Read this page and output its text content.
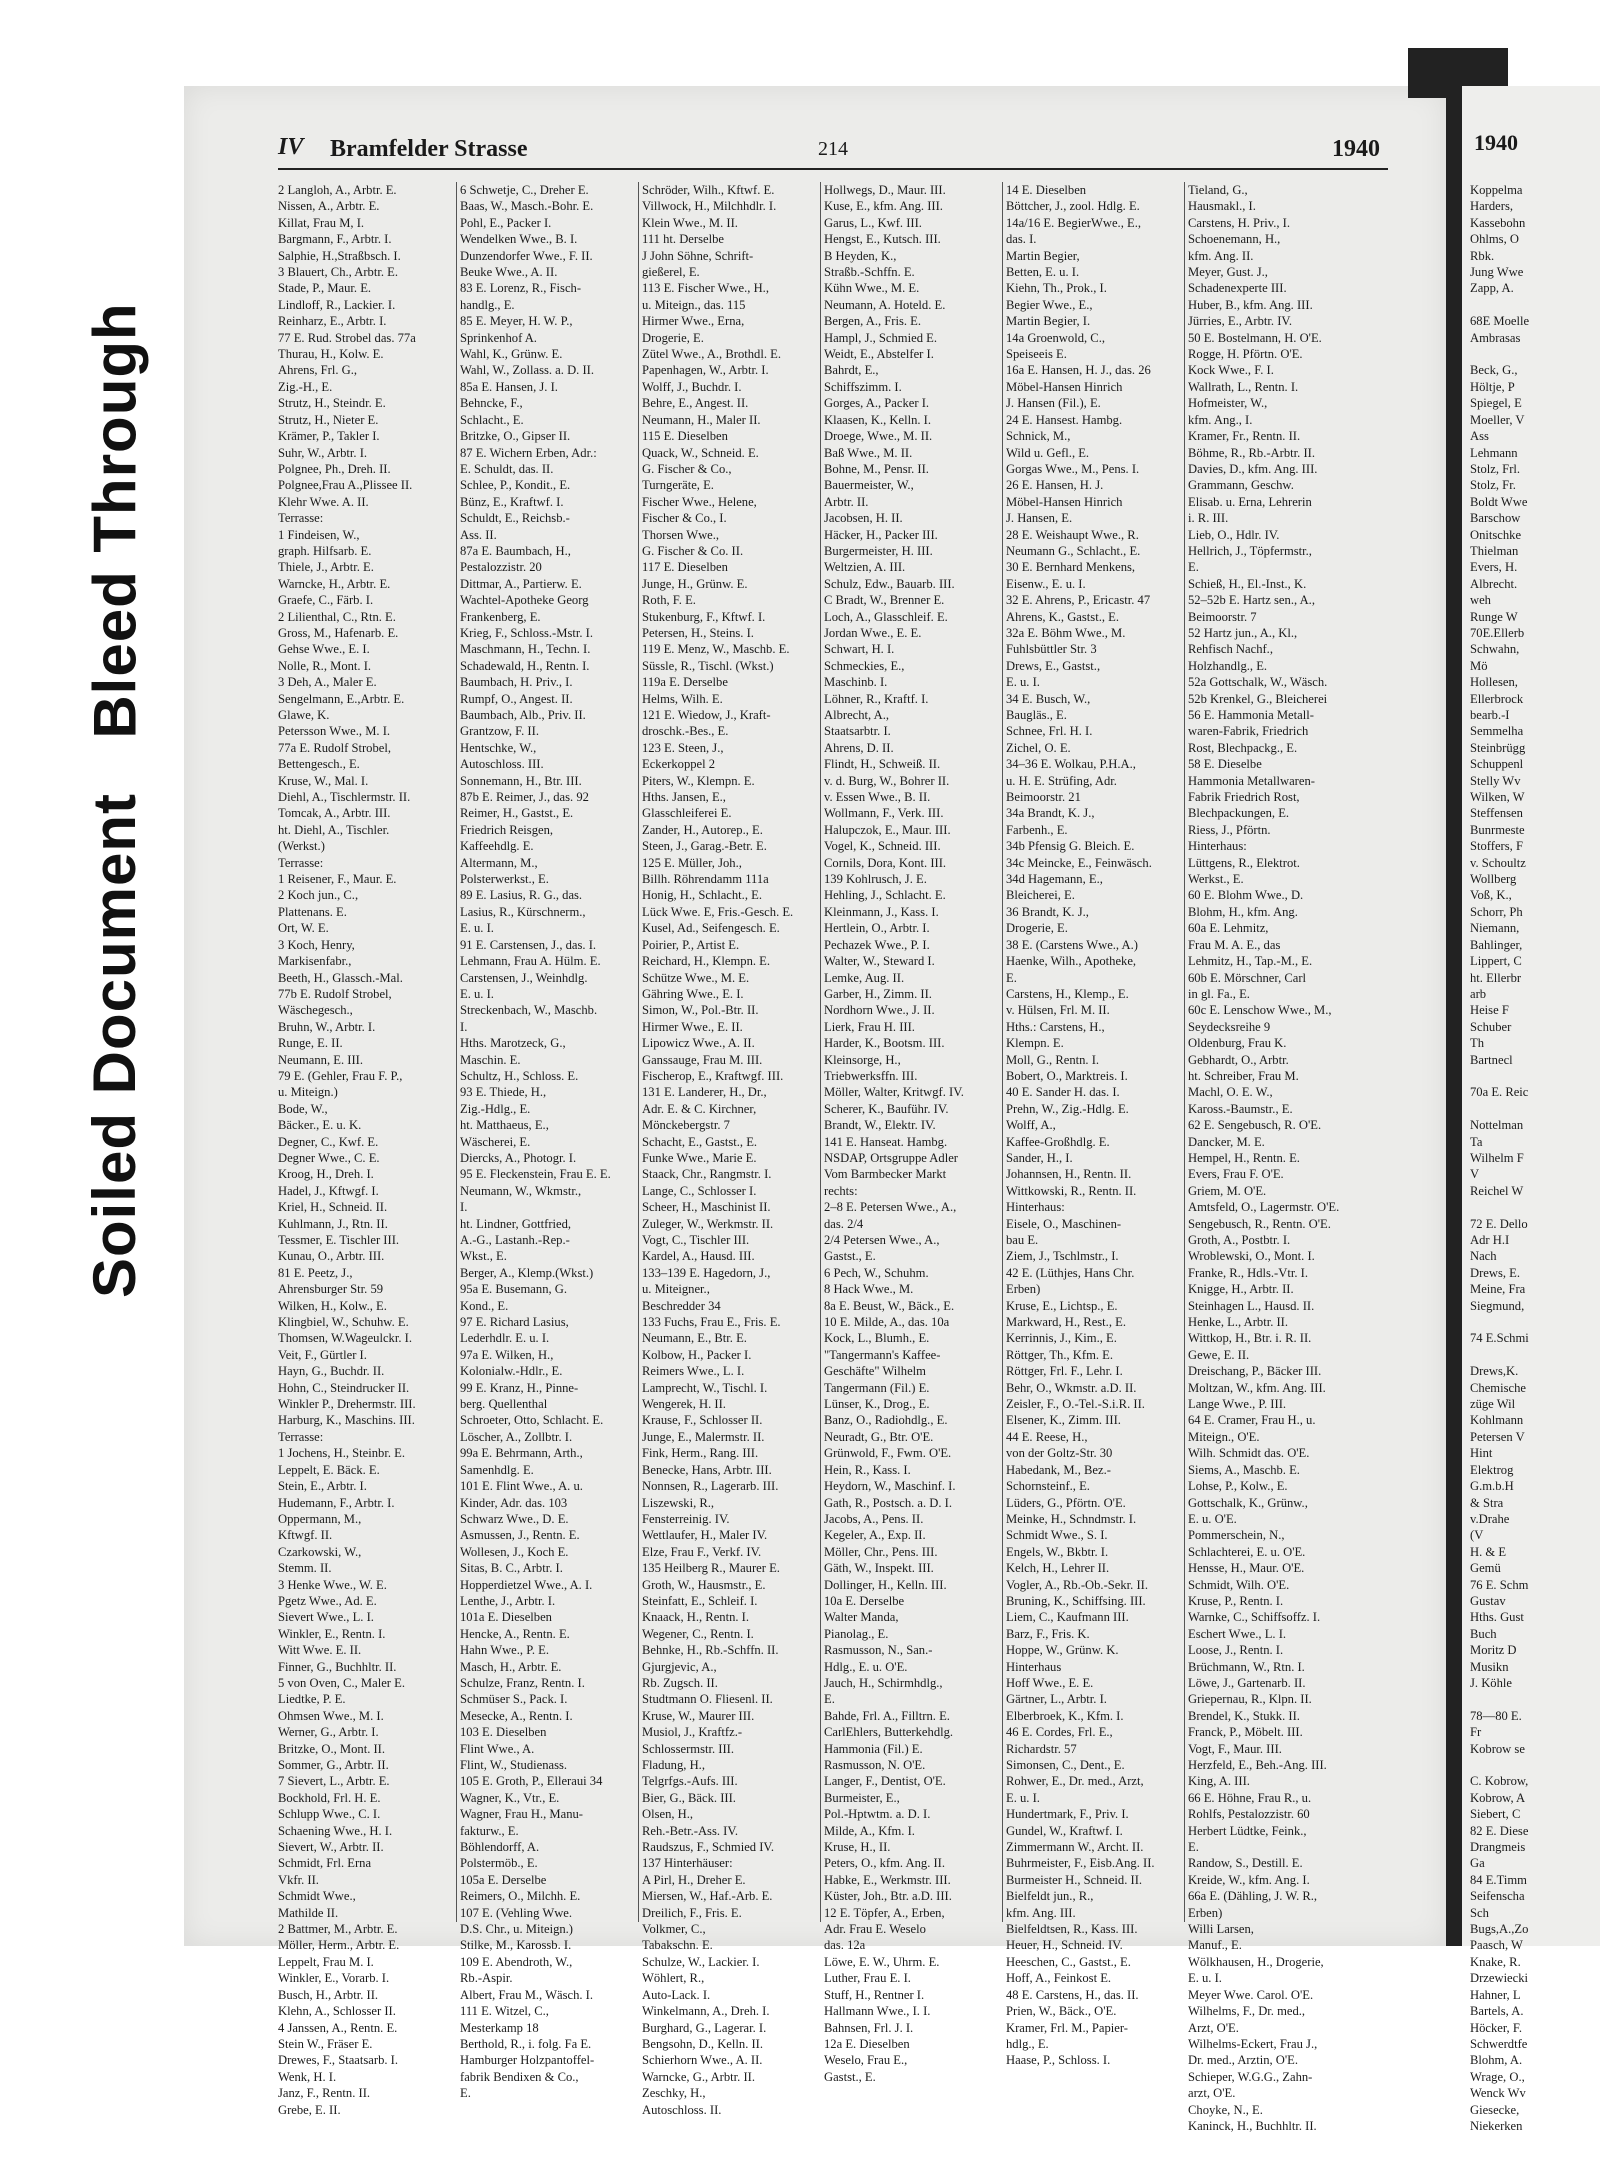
Bleed Through
Soiled Document
1940
Koppelma
Harders,
Kassebohn
Ohlms, O
Rbk.
Jung Wwe
Zapp, A.

68E Moelle
Ambrasas

Beck, G.,
Höltje, P
Spiegel, E
Moeller, V
Ass
Lehmann
Stolz, Frl.
Stolz, Fr.
Boldt Wwe
Barschow
Onitschke
Thielman
Evers, H.
Albrecht.
weh
Runge W
70E.Ellerb
Schwahn,
Mö
Hollesen,
Ellerbrock
bearb.-I
Semmelha
Steinbrügg
Schuppenl
Stelly Wv
Wilken, W
Steffensen
Bunrmeste
Stoffers, F
v. Schoultz
Wollberg
Voß, K.,
Schorr, Ph
Niemann,
Bahlinger,
Lippert, C
ht. Ellerbr
arb
Heise F
Schuber
Th
Bartnecl

70a E. Reic

Nottelman
Ta
Wilhelm F
V
Reichel W

72 E. Dello
Adr H.I
Nach
Drews, E.
Meine, Fra
Siegmund,

74 E.Schmi

Drews,K.
Chemische
züge Wil
Kohlmann
Petersen V
Hint
Elektrog
G.m.b.H
& Stra
v.Drahe
(V
H. & E
Gemü
76 E. Schm
Gustav
Hths. Gust
Buch
Moritz D
Musikn
J. Köhle

78—80 E.
Fr
Kobrow se

C. Kobrow,
Kobrow, A
Siebert, C
82 E. Diese
Drangmeis
Ga
84 E.Timm
Seifenscha
Sch
Bugs,A.,Zo
Paasch, W
Knake, R.
Drzewiecki
Hahner, L
Bartels, A.
Höcker, F.
Schwerdtfe
Blohm, A.
Wrage, O.,
Wenck Wv
Giesecke,
Niekerken
IV Bramfelder Strasse	214	1940
2 Langloh, A., Arbtr. E.
Nissen, A., Arbtr. E.
Killat, Frau M, I.
Bargmann, F., Arbtr. I.
Salphie, H.,Straßbsch. I.
3 Blauert, Ch., Arbtr. E.
Stade, P., Maur. E.
Lindloff, R., Lackier. I.
Reinharz, E., Arbtr. I.
77 E. Rud. Strobel das. 77a
Thurau, H., Kolw. E.
Ahrens, Frl. G.,
Zig.-H., E.
Strutz, H., Steindr. E.
Strutz, H., Nieter E.
Krämer, P., Takler I.
Suhr, W., Arbtr. I.
Polgnee, Ph., Dreh. II.
Polgnee,Frau A.,Plissee II.
Klehr Wwe. A. II.
Terrasse:
1 Findeisen, W.,
graph. Hilfsarb. E.
Thiele, J., Arbtr. E.
Warncke, H., Arbtr. E.
Graefe, C., Färb. I.
2 Lilienthal, C., Rtn. E.
Gross, M., Hafenarb. E.
Gehse Wwe., E. I.
Nolle, R., Mont. I.
3 Deh, A., Maler E.
Sengelmann, E.,Arbtr. E.
Glawe, K.
Petersson Wwe., M. I.
77a E. Rudolf Strobel,
Bettengesch., E.
Kruse, W., Mal. I.
Diehl, A., Tischlermstr. II.
Tomcak, A., Arbtr. III.
ht. Diehl, A., Tischler.
(Werkst.)
Terrasse:
1 Reisener, F., Maur. E.
2 Koch jun., C.,
Plattenans. E.
Ort, W. E.
3 Koch, Henry,
Markisenfabr.,
Beeth, H., Glassch.-Mal.
77b E. Rudolf Strobel,
Wäschegesch.,
Bruhn, W., Arbtr. I.
Runge, E. II.
Neumann, E. III.
79 E. (Gehler, Frau F. P.,
u. Miteign.)
Bode, W.,
Bäcker., E. u. K.
Degner, C., Kwf. E.
Degner Wwe., C. E.
Kroog, H., Dreh. I.
Hadel, J., Kftwgf. I.
Kriel, H., Schneid. II.
Kuhlmann, J., Rtn. II.
Tessmer, E. Tischler III.
Kunau, O., Arbtr. III.
81 E. Peetz, J.,
Ahrensburger Str. 59
Wilken, H., Kolw., E.
Klingbiel, W., Schuhw. E.
Thomsen, W.Wageulckr. I.
Veit, F., Gürtler I.
Hayn, G., Buchdr. II.
Hohn, C., Steindrucker II.
Winkler P., Drehermstr. III.
Harburg, K., Maschins. III.
Terrasse:
1 Jochens, H., Steinbr. E.
Leppelt, E. Bäck. E.
Stein, E., Arbtr. I.
Hudemann, F., Arbtr. I.
Oppermann, M.,
Kftwgf. II.
Czarkowski, W.,
Stemm. II.
3 Henke Wwe., W. E.
Pgetz Wwe., Ad. E.
Sievert Wwe., L. I.
Winkler, E., Rentn. I.
Witt Wwe. E. II.
Finner, G., Buchhltr. II.
5 von Oven, C., Maler E.
Liedtke, P. E.
Ohmsen Wwe., M. I.
Werner, G., Arbtr. I.
Britzke, O., Mont. II.
Sommer, G., Arbtr. II.
7 Sievert, L., Arbtr. E.
Bockhold, Frl. H. E.
Schlupp Wwe., C. I.
Schaening Wwe., H. I.
Sievert, W., Arbtr. II.
Schmidt, Frl. Erna
Vkfr. II.
Schmidt Wwe.,
Mathilde II.
2 Battmer, M., Arbtr. E.
Möller, Herm., Arbtr. E.
Leppelt, Frau M. I.
Winkler, E., Vorarb. I.
Busch, H., Arbtr. II.
Klehn, A., Schlosser II.
4 Janssen, A., Rentn. E.
Stein W., Fräser E.
Drewes, F., Staatsarb. I.
Wenk, H. I.
Janz, F., Rentn. II.
Grebe, E. II.
6 Schwetje, C., Dreher E.
Baas, W., Masch.-Bohr. E.
Pohl, E., Packer I.
Wendelken Wwe., B. I.
Dunzendorfer Wwe., F. II.
Beuke Wwe., A. II.
83 E. Lorenz, R., Fisch-
handlg., E.
85 E. Meyer, H. W. P.,
Sprinkenhof A.
Wahl, K., Grünw. E.
Wahl, W., Zollass. a. D. II.
85a E. Hansen, J. I.
Behncke, F.,
Schlacht., E.
Britzke, O., Gipser II.
87 E. Wichern Erben, Adr.:
E. Schuldt, das. II.
Schlee, P., Kondit., E.
Bünz, E., Kraftwf. I.
Schuldt, E., Reichsb.-
Ass. II.
87a E. Baumbach, H.,
Pestalozzistr. 20
Dittmar, A., Partierw. E.
Wachtel-Apotheke Georg
Frankenberg, E.
Krieg, F., Schloss.-Mstr. I.
Maschmann, H., Techn. I.
Schadewald, H., Rentn. I.
Baumbach, H. Priv., I.
Rumpf, O., Angest. II.
Baumbach, Alb., Priv. II.
Grantzow, F. II.
Hentschke, W.,
Autoschloss. III.
Sonnemann, H., Btr. III.
87b E. Reimer, J., das. 92
Reimer, H., Gastst., E.
Friedrich Reisgen,
Kaffeehdlg. E.
Altermann, M.,
Polsterwerkst., E.
89 E. Lasius, R. G., das.
Lasius, R., Kürschnerm.,
E. u. I.
91 E. Carstensen, J., das. I.
Lehmann, Frau A. Hülm. E.
Carstensen, J., Weinhdlg.
E. u. I.
Streckenbach, W., Maschb.
I.
Hths. Marotzeck, G.,
Maschin. E.
Schultz, H., Schloss. E.
93 E. Thiede, H.,
Zig.-Hdlg., E.
ht. Matthaeus, E.,
Wäscherei, E.
Diercks, A., Photogr. I.
95 E. Fleckenstein, Frau E. E.
Neumann, W., Wkmstr.,
I.
ht. Lindner, Gottfried,
A.-G., Lastanh.-Rep.-
Wkst., E.
Berger, A., Klemp.(Wkst.)
95a E. Busemann, G.
Kond., E.
97 E. Richard Lasius,
Lederhdlr. E. u. I.
97a E. Wilken, H.,
Kolonialw.-Hdlr., E.
99 E. Kranz, H., Pinne-
berg. Quellenthal
Schroeter, Otto, Schlacht. E.
Löscher, A., Zollbtr. I.
99a E. Behrmann, Arth.,
Samenhdlg. E.
101 E. Flint Wwe., A. u.
Kinder, Adr. das. 103
Schwarz Wwe., D. E.
Asmussen, J., Rentn. E.
Wollesen, J., Koch E.
Sitas, B. C., Arbtr. I.
Hopperdietzel Wwe., A. I.
Lenthe, J., Arbtr. I.
101a E. Dieselben
Hencke, A., Rentn. E.
Hahn Wwe., P. E.
Masch, H., Arbtr. E.
Schulze, Franz, Rentn. I.
Schmüser S., Pack. I.
Mesecke, A., Rentn. I.
103 E. Dieselben
Flint Wwe., A.
Flint, W., Studienass.
105 E. Groth, P., Elleraui 34
Wagner, K., Vtr., E.
Wagner, Frau H., Manu-
fakturw., E.
Böhlendorff, A.
Polstermöb., E.
105a E. Derselbe
Reimers, O., Milchh. E.
107 E. (Vehling Wwe.
D.S. Chr., u. Miteign.)
Stilke, M., Karossb. I.
109 E. Abendroth, W.,
Rb.-Aspir.
Albert, Frau M., Wäsch. I.
111 E. Witzel, C.,
Mesterkamp 18
Berthold, R., i. folg. Fa E.
Hamburger Holzpantoffel-
fabrik Bendixen & Co.,
E.
Schröder, Wilh., Kftwf. E.
Villwock, H., Milchhdlr. I.
Klein Wwe., M. II.
111 ht. Derselbe
J John Söhne, Schrift-
gießerel, E.
113 E. Fischer Wwe., H.,
u. Miteign., das. 115
Hirmer Wwe., Erna,
Drogerie, E.
Zütel Wwe., A., Brothdl. E.
Papenhagen, W., Arbtr. I.
Wolff, J., Buchdr. I.
Behre, E., Angest. II.
Neumann, H., Maler II.
115 E. Dieselben
Quack, W., Schneid. E.
G. Fischer & Co.,
Turngeräte, E.
Fischer Wwe., Helene,
Fischer & Co., I.
Thorsen Wwe.,
G. Fischer & Co. II.
117 E. Dieselben
Junge, H., Grünw. E.
Roth, F. E.
Stukenburg, F., Kftwf. I.
Petersen, H., Steins. I.
119 E. Menz, W., Maschb. E.
Süssle, R., Tischl. (Wkst.)
119a E. Derselbe
Helms, Wilh. E.
121 E. Wiedow, J., Kraft-
droschk.-Bes., E.
123 E. Steen, J.,
Eckerkoppel 2
Piters, W., Klempn. E.
Hths. Jansen, E.,
Glasschleiferei E.
Zander, H., Autorep., E.
Steen, J., Garag.-Betr. E.
125 E. Müller, Joh.,
Billh. Röhrendamm 111a
Honig, H., Schlacht., E.
Lück Wwe. E, Fris.-Gesch. E.
Kusel, Ad., Seifengesch. E.
Poirier, P., Artist E.
Reichard, H., Klempn. E.
Schütze Wwe., M. E.
Gähring Wwe., E. I.
Simon, W., Pol.-Btr. II.
Hirmer Wwe., E. II.
Lipowicz Wwe., A. II.
Ganssauge, Frau M. III.
Fischerop, E., Kraftwgf. III.
131 E. Landerer, H., Dr.,
Adr. E. & C. Kirchner,
Mönckebergstr. 7
Schacht, E., Gastst., E.
Funke Wwe., Marie E.
Staack, Chr., Rangmstr. I.
Lange, C., Schlosser I.
Scheer, H., Maschinist II.
Zuleger, W., Werkmstr. II.
Vogt, C., Tischler III.
Kardel, A., Hausd. III.
133–139 E. Hagedorn, J.,
u. Miteigner.,
Beschredder 34
133 Fuchs, Frau E., Fris. E.
Neumann, E., Btr. E.
Kolbow, H., Packer I.
Reimers Wwe., L. I.
Lamprecht, W., Tischl. I.
Wengerek, H. II.
Krause, F., Schlosser II.
Junge, E., Malermstr. II.
Fink, Herm., Rang. III.
Benecke, Hans, Arbtr. III.
Nonnsen, R., Lagerarb. III.
Liszewski, R.,
Fensterreinig. IV.
Wettlaufer, H., Maler IV.
Elze, Frau F., Verkf. IV.
135 Heilberg R., Maurer E.
Groth, W., Hausmstr., E.
Steinfatt, E., Schleif. I.
Knaack, H., Rentn. I.
Wegener, C., Rentn. I.
Behnke, H., Rb.-Schffn. II.
Gjurgjevic, A.,
Rb. Zugsch. II.
Studtmann O. Fliesenl. II.
Kruse, W., Maurer III.
Musiol, J., Kraftfz.-
Schlossermstr. III.
Fladung, H.,
Telgrfgs.-Aufs. III.
Bier, G., Bäck. III.
Olsen, H.,
Reh.-Betr.-Ass. IV.
Raudszus, F., Schmied IV.
137 Hinterhäuser:
A Pirl, H., Dreher E.
Miersen, W., Haf.-Arb. E.
Dreilich, F., Fris. E.
Volkmer, C.,
Tabakschn. E.
Schulze, W., Lackier. I.
Wöhlert, R.,
Auto-Lack. I.
Winkelmann, A., Dreh. I.
Burghard, G., Lagerar. I.
Bengsohn, D., Kelln. II.
Schierhorn Wwe., A. II.
Warncke, G., Arbtr. II.
Zeschky, H.,
Autoschloss. II.
Hollwegs, D., Maur. III.
Kuse, E., kfm. Ang. III.
Garus, L., Kwf. III.
Hengst, E., Kutsch. III.
B Heyden, K.,
Straßb.-Schffn. E.
Kühn Wwe., M. E.
Neumann, A. Hoteld. E.
Bergen, A., Fris. E.
Hampl, J., Schmied E.
Weidt, E., Abstelfer I.
Bahrdt, E.,
Schiffszimm. I.
Gorges, A., Packer I.
Klaasen, K., Kelln. I.
Droege, Wwe., M. II.
Baß Wwe., M. II.
Bohne, M., Pensr. II.
Bauermeister, W.,
Arbtr. II.
Jacobsen, H. II.
Häcker, H., Packer III.
Burgermeister, H. III.
Weltzien, A. III.
Schulz, Edw., Bauarb. III.
C Bradt, W., Brenner E.
Loch, A., Glasschleif. E.
Jordan Wwe., E. E.
Schwart, H. I.
Schmeckies, E.,
Maschinb. I.
Löhner, R., Kraftf. I.
Albrecht, A.,
Staatsarbtr. I.
Ahrens, D. II.
Flindt, H., Schweiß. II.
v. d. Burg, W., Bohrer II.
v. Essen Wwe., B. II.
Wollmann, F., Verk. III.
Halupczok, E., Maur. III.
Vogel, K., Schneid. III.
Cornils, Dora, Kont. III.
139 Kohlrusch, J. E.
Hehling, J., Schlacht. E.
Kleinmann, J., Kass. I.
Hertlein, O., Arbtr. I.
Pechazek Wwe., P. I.
Walter, W., Steward I.
Lemke, Aug. II.
Garber, H., Zimm. II.
Nordhorn Wwe., J. II.
Lierk, Frau H. III.
Harder, K., Bootsm. III.
Kleinsorge, H.,
Triebwerksffn. III.
Möller, Walter, Kritwgf. IV.
Scherer, K., Bauführ. IV.
Brandt, W., Elektr. IV.
141 E. Hanseat. Hambg.
NSDAP, Ortsgruppe Adler
Vom Barmbecker Markt
rechts:
2–8 E. Petersen Wwe., A.,
das. 2/4
2/4 Petersen Wwe., A.,
Gastst., E.
6 Pech, W., Schuhm.
8 Hack Wwe., M.
8a E. Beust, W., Bäck., E.
10 E. Milde, A., das. 10a
Kock, L., Blumh., E.
"Tangermann's Kaffee-
Geschäfte" Wilhelm
Tangermann (Fil.) E.
Lünser, K., Drog., E.
Banz, O., Radiohdlg., E.
Neuradt, G., Btr. O'E.
Grünwold, F., Fwm. O'E.
Hein, R., Kass. I.
Heydorn, W., Maschinf. I.
Gath, R., Postsch. a. D. I.
Jacobs, A., Pens. II.
Kegeler, A., Exp. II.
Möller, Chr., Pens. III.
Gäth, W., Inspekt. III.
Dollinger, H., Kelln. III.
10a E. Derselbe
Walter Manda,
Pianolag., E.
Rasmusson, N., San.-
Hdlg., E. u. O'E.
Jauch, H., Schirmhdlg.,
E.
Bahde, Frl. A., Filltrn. E.
CarlEhlers, Butterkehdlg.
Hammonia (Fil.) E.
Rasmusson, N. O'E.
Langer, F., Dentist, O'E.
Burmeister, E.,
Pol.-Hptwtm. a. D. I.
Milde, A., Kfm. I.
Kruse, H., II.
Peters, O., kfm. Ang. II.
Habke, E., Werkmstr. III.
Küster, Joh., Btr. a.D. III.
12 E. Töpfer, A., Erben,
Adr. Frau E. Weselo
das. 12a
Löwe, E. W., Uhrm. E.
Luther, Frau E. I.
Stuff, H., Rentner I.
Hallmann Wwe., I. I.
Bahnsen, Frl. J. I.
12a E. Dieselben
Weselo, Frau E.,
Gastst., E.
14 E. Dieselben
Böttcher, J., zool. Hdlg. E.
14a/16 E. BegierWwe., E.,
das. I.
Martin Begier,
Betten, E. u. I.
Kiehn, Th., Prok., I.
Begier Wwe., E.,
Martin Begier, I.
14a Groenwold, C.,
Speiseeis E.
16a E. Hansen, H. J., das. 26
Möbel-Hansen Hinrich
J. Hansen (Fil.), E.
24 E. Hansest. Hambg.
Schnick, M.,
Wild u. Gefl., E.
Gorgas Wwe., M., Pens. I.
26 E. Hansen, H. J.
Möbel-Hansen Hinrich
J. Hansen, E.
28 E. Weishaupt Wwe., R.
Neumann G., Schlacht., E.
30 E. Bernhard Menkens,
Eisenw., E. u. I.
32 E. Ahrens, P., Ericastr. 47
Ahrens, K., Gastst., E.
32a E. Böhm Wwe., M.
Fuhlsbüttler Str. 3
Drews, E., Gastst.,
E. u. I.
34 E. Busch, W.,
Baugläs., E.
Schnee, Frl. H. I.
Zichel, O. E.
34–36 E. Wolkau, P.H.A.,
u. H. E. Strüfing, Adr.
Beimoorstr. 21
34a Brandt, K. J.,
Farbenh., E.
34b Pfensig G. Bleich. E.
34c Meincke, E., Feinwäsch.
34d Hagemann, E.,
Bleicherei, E.
36 Brandt, K. J.,
Drogerie, E.
38 E. (Carstens Wwe., A.)
Haenke, Wilh., Apotheke,
E.
Carstens, H., Klemp., E.
v. Hülsen, Frl. M. II.
Hths.: Carstens, H.,
Klempn. E.
Moll, G., Rentn. I.
Bobert, O., Marktreis. I.
40 E. Sander H. das. I.
Prehn, W., Zig.-Hdlg. E.
Wolff, A.,
Kaffee-Großhdlg. E.
Sander, H., I.
Johannsen, H., Rentn. II.
Wittkowski, R., Rentn. II.
Hinterhaus:
Eisele, O., Maschinen-
bau E.
Ziem, J., Tschlmstr., I.
42 E. (Lüthjes, Hans Chr.
Erben)
Kruse, E., Lichtsp., E.
Markward, H., Rest., E.
Kerrinnis, J., Kim., E.
Röttger, Th., Kfm. E.
Röttger, Frl. F., Lehr. I.
Behr, O., Wkmstr. a.D. II.
Zeisler, F., O.-Tel.-S.i.R. II.
Elsener, K., Zimm. III.
44 E. Reese, H.,
von der Goltz-Str. 30
Habedank, M., Bez.-
Schornsteinf., E.
Lüders, G., Pförtn. O'E.
Meinke, H., Schndmstr. I.
Schmidt Wwe., S. I.
Engels, W., Bkbtr. I.
Kelch, H., Lehrer II.
Vogler, A., Rb.-Ob.-Sekr. II.
Bruning, K., Schiffsing. III.
Liem, C., Kaufmann III.
Barz, F., Fris. K.
Hoppe, W., Grünw. K.
Hinterhaus
Hoff Wwe., E. E.
Gärtner, L., Arbtr. I.
Elberbroek, K., Kfm. I.
46 E. Cordes, Frl. E.,
Richardstr. 57
Simonsen, C., Dent., E.
Rohwer, E., Dr. med., Arzt,
E. u. I.
Hundertmark, F., Priv. I.
Gundel, W., Kraftwf. I.
Zimmermann W., Archt. II.
Buhrmeister, F., Eisb.Ang. II.
Burmeister H., Schneid. II.
Bielfeldt jun., R.,
kfm. Ang. III.
Bielfeldtsen, R., Kass. III.
Heuer, H., Schneid. IV.
Heeschen, C., Gastst., E.
Hoff, A., Feinkost E.
48 E. Carstens, H., das. II.
Prien, W., Bäck., O'E.
Kramer, Frl. M., Papier-
hdlg., E.
Haase, P., Schloss. I.
Tieland, G.,
Hausmakl., I.
Carstens, H. Priv., I.
Schoenemann, H.,
kfm. Ang. II.
Meyer, Gust. J.,
Schadenexperte III.
Huber, B., kfm. Ang. III.
Jürries, E., Arbtr. IV.
50 E. Bostelmann, H. O'E.
Rogge, H. Pförtn. O'E.
Kock Wwe., F. I.
Wallrath, L., Rentn. I.
Hofmeister, W.,
kfm. Ang., I.
Kramer, Fr., Rentn. II.
Böhme, R., Rb.-Arbtr. II.
Davies, D., kfm. Ang. III.
Grammann, Geschw.
Elisab. u. Erna, Lehrerin
i. R. III.
Lieb, O., Hdlr. IV.
Hellrich, J., Töpfermstr.,
E.
Schieß, H., El.-Inst., K.
52–52b E. Hartz sen., A.,
Beimoorstr. 7
52 Hartz jun., A., Kl.,
Rehfisch Nachf.,
Holzhandlg., E.
52a Gottschalk, W., Wäsch.
52b Krenkel, G., Bleicherei
56 E. Hammonia Metall-
waren-Fabrik, Friedrich
Rost, Blechpackg., E.
58 E. Dieselbe
Hammonia Metallwaren-
Fabrik Friedrich Rost,
Blechpackungen, E.
Riess, J., Pförtn.
Hinterhaus:
Lüttgens, R., Elektrot.
Werkst., E.
60 E. Blohm Wwe., D.
Blohm, H., kfm. Ang.
60a E. Lehmitz,
Frau M. A. E., das
Lehmitz, H., Tap.-M., E.
60b E. Mörschner, Carl
in gl. Fa., E.
60c E. Lenschow Wwe., M.,
Seydecksreihe 9
Oldenburg, Frau K.
Gebhardt, O., Arbtr.
ht. Schreiber, Frau M.
Machl, O. E. W.,
Kaross.-Baumstr., E.
62 E. Sengebusch, R. O'E.
Dancker, M. E.
Hempel, H., Rentn. E.
Evers, Frau F. O'E.
Griem, M. O'E.
Amtsfeld, O., Lagermstr. O'E.
Sengebusch, R., Rentn. O'E.
Groth, A., Postbtr. I.
Wroblewski, O., Mont. I.
Franke, R., Hdls.-Vtr. I.
Knigge, H., Arbtr. II.
Steinhagen L., Hausd. II.
Henke, L., Arbtr. II.
Wittkop, H., Btr. i. R. II.
Gewe, E. II.
Dreischang, P., Bäcker III.
Moltzan, W., kfm. Ang. III.
Lange Wwe., P. III.
64 E. Cramer, Frau H., u.
Miteign., O'E.
Wilh. Schmidt das. O'E.
Siems, A., Maschb. E.
Lohse, P., Kolw., E.
Gottschalk, K., Grünw.,
E. u. O'E.
Pommerschein, N.,
Schlachterei, E. u. O'E.
Hensse, H., Maur. O'E.
Schmidt, Wilh. O'E.
Kruse, P., Rentn. I.
Warnke, C., Schiffsoffz. I.
Eschert Wwe., L. I.
Loose, J., Rentn. I.
Brüchmann, W., Rtn. I.
Löwe, J., Gartenarb. II.
Griepernau, R., Klpn. II.
Brendel, K., Stukk. II.
Franck, P., Möbelt. III.
Vogt, F., Maur. III.
Herzfeld, E., Beh.-Ang. III.
King, A. III.
66 E. Höhne, Frau R., u.
Rohlfs, Pestalozzistr. 60
Herbert Lüdtke, Feink.,
E.
Randow, S., Destill. E.
Kreide, W., kfm. Ang. I.
66a E. (Dähling, J. W. R.,
Erben)
Willi Larsen,
Manuf., E.
Wölkhausen, H., Drogerie,
E. u. I.
Meyer Wwe. Carol. O'E.
Wilhelms, F., Dr. med.,
Arzt, O'E.
Wilhelms-Eckert, Frau J.,
Dr. med., Arztin, O'E.
Schieper, W.G.G., Zahn-
arzt, O'E.
Choyke, N., E.
Kaninck, H., Buchhltr. II.
